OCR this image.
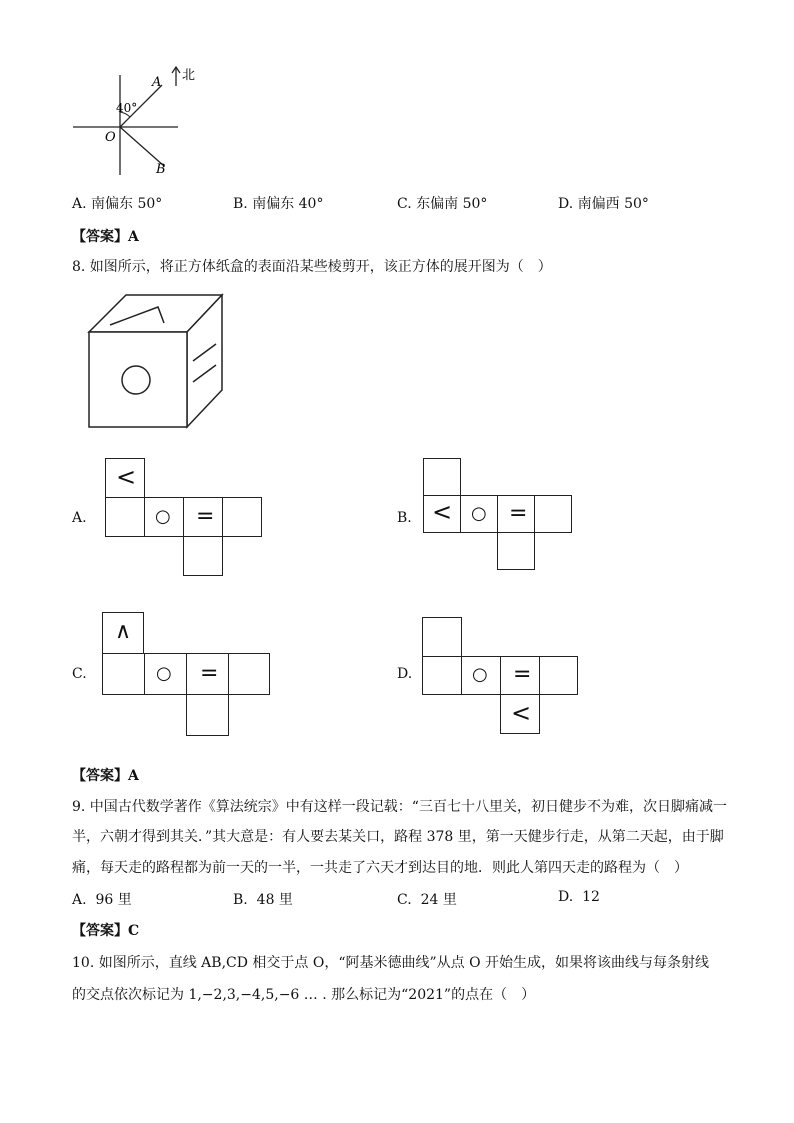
北
40°
O
A
B
A. 南偏东 50°	B. 南偏东 40°	C. 东偏南 50°	D. 南偏西 50°
【答案】A
8. 如图所示，将正方体纸盒的表面沿某些棱剪开，该正方体的展开图为（　）
A.
<
○ =	B. < ○ =
C.
∧
○ =	D.	○ =
<
【答案】A
9. 中国古代数学著作《算法统宗》中有这样一段记载：“三百七十八里关，初日健步不为难，次日脚痛减一
半，六朝才得到其关．”其大意是：有人要去某关口，路程 378 里，第一天健步行走，从第二天起，由于脚
痛，每天走的路程都为前一天的一半，一共走了六天才到达目的地．则此人第四天走的路程为（　）
A. 96 里	B. 48 里	C. 24 里	D. 12
【答案】C
10. 如图所示，直线 AB,CD 相交于点 O，“阿基米德曲线”从点 O 开始生成，如果将该曲线与每条射线
的交点依次标记为 1,−2,3,−4,5,−6 … . 那么标记为“2021”的点在（　）
